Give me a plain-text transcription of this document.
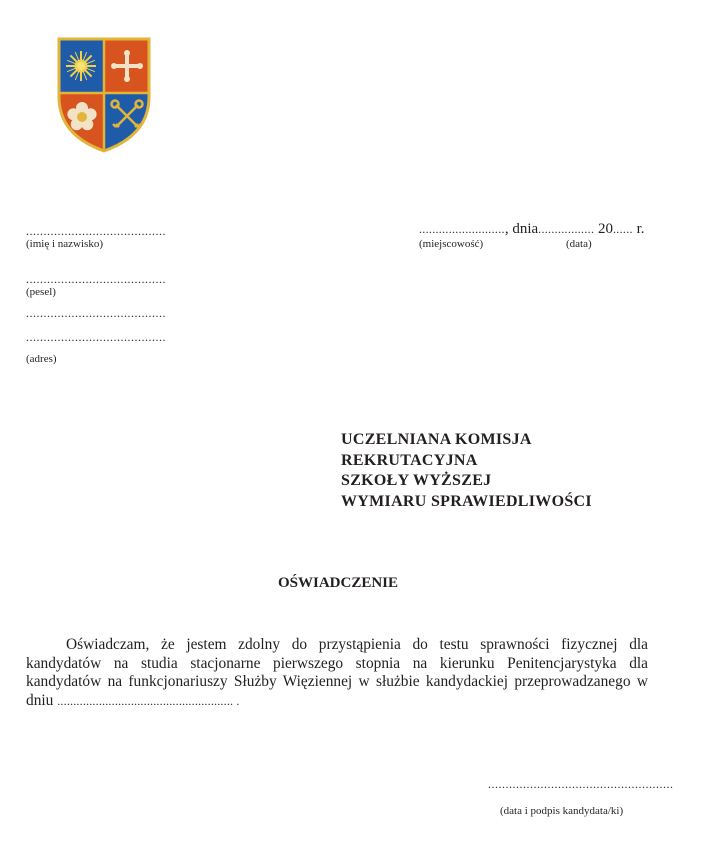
........................................
(imię i nazwisko)
........................................
(pesel)
........................................
........................................
(adres)
.........................., dnia................. 20...... r.
(miejscowość)	(data)
UCZELNIANA KOMISJA
REKRUTACYJNA
SZKOŁY WYŻSZEJ
WYMIARU SPRAWIEDLIWOŚCI
OŚWIADCZENIE

Oświadczam, że jestem zdolny do przystąpienia do testu sprawności fizycznej dla kandydatów na studia stacjonarne pierwszego stopnia na kierunku Penitencjarystyka dla kandydatów na funkcjonariuszy Służby Więziennej w służbie kandydackiej przeprowadzanego w dniu ....................................................... .

.....................................................
(data i podpis kandydata/ki)
